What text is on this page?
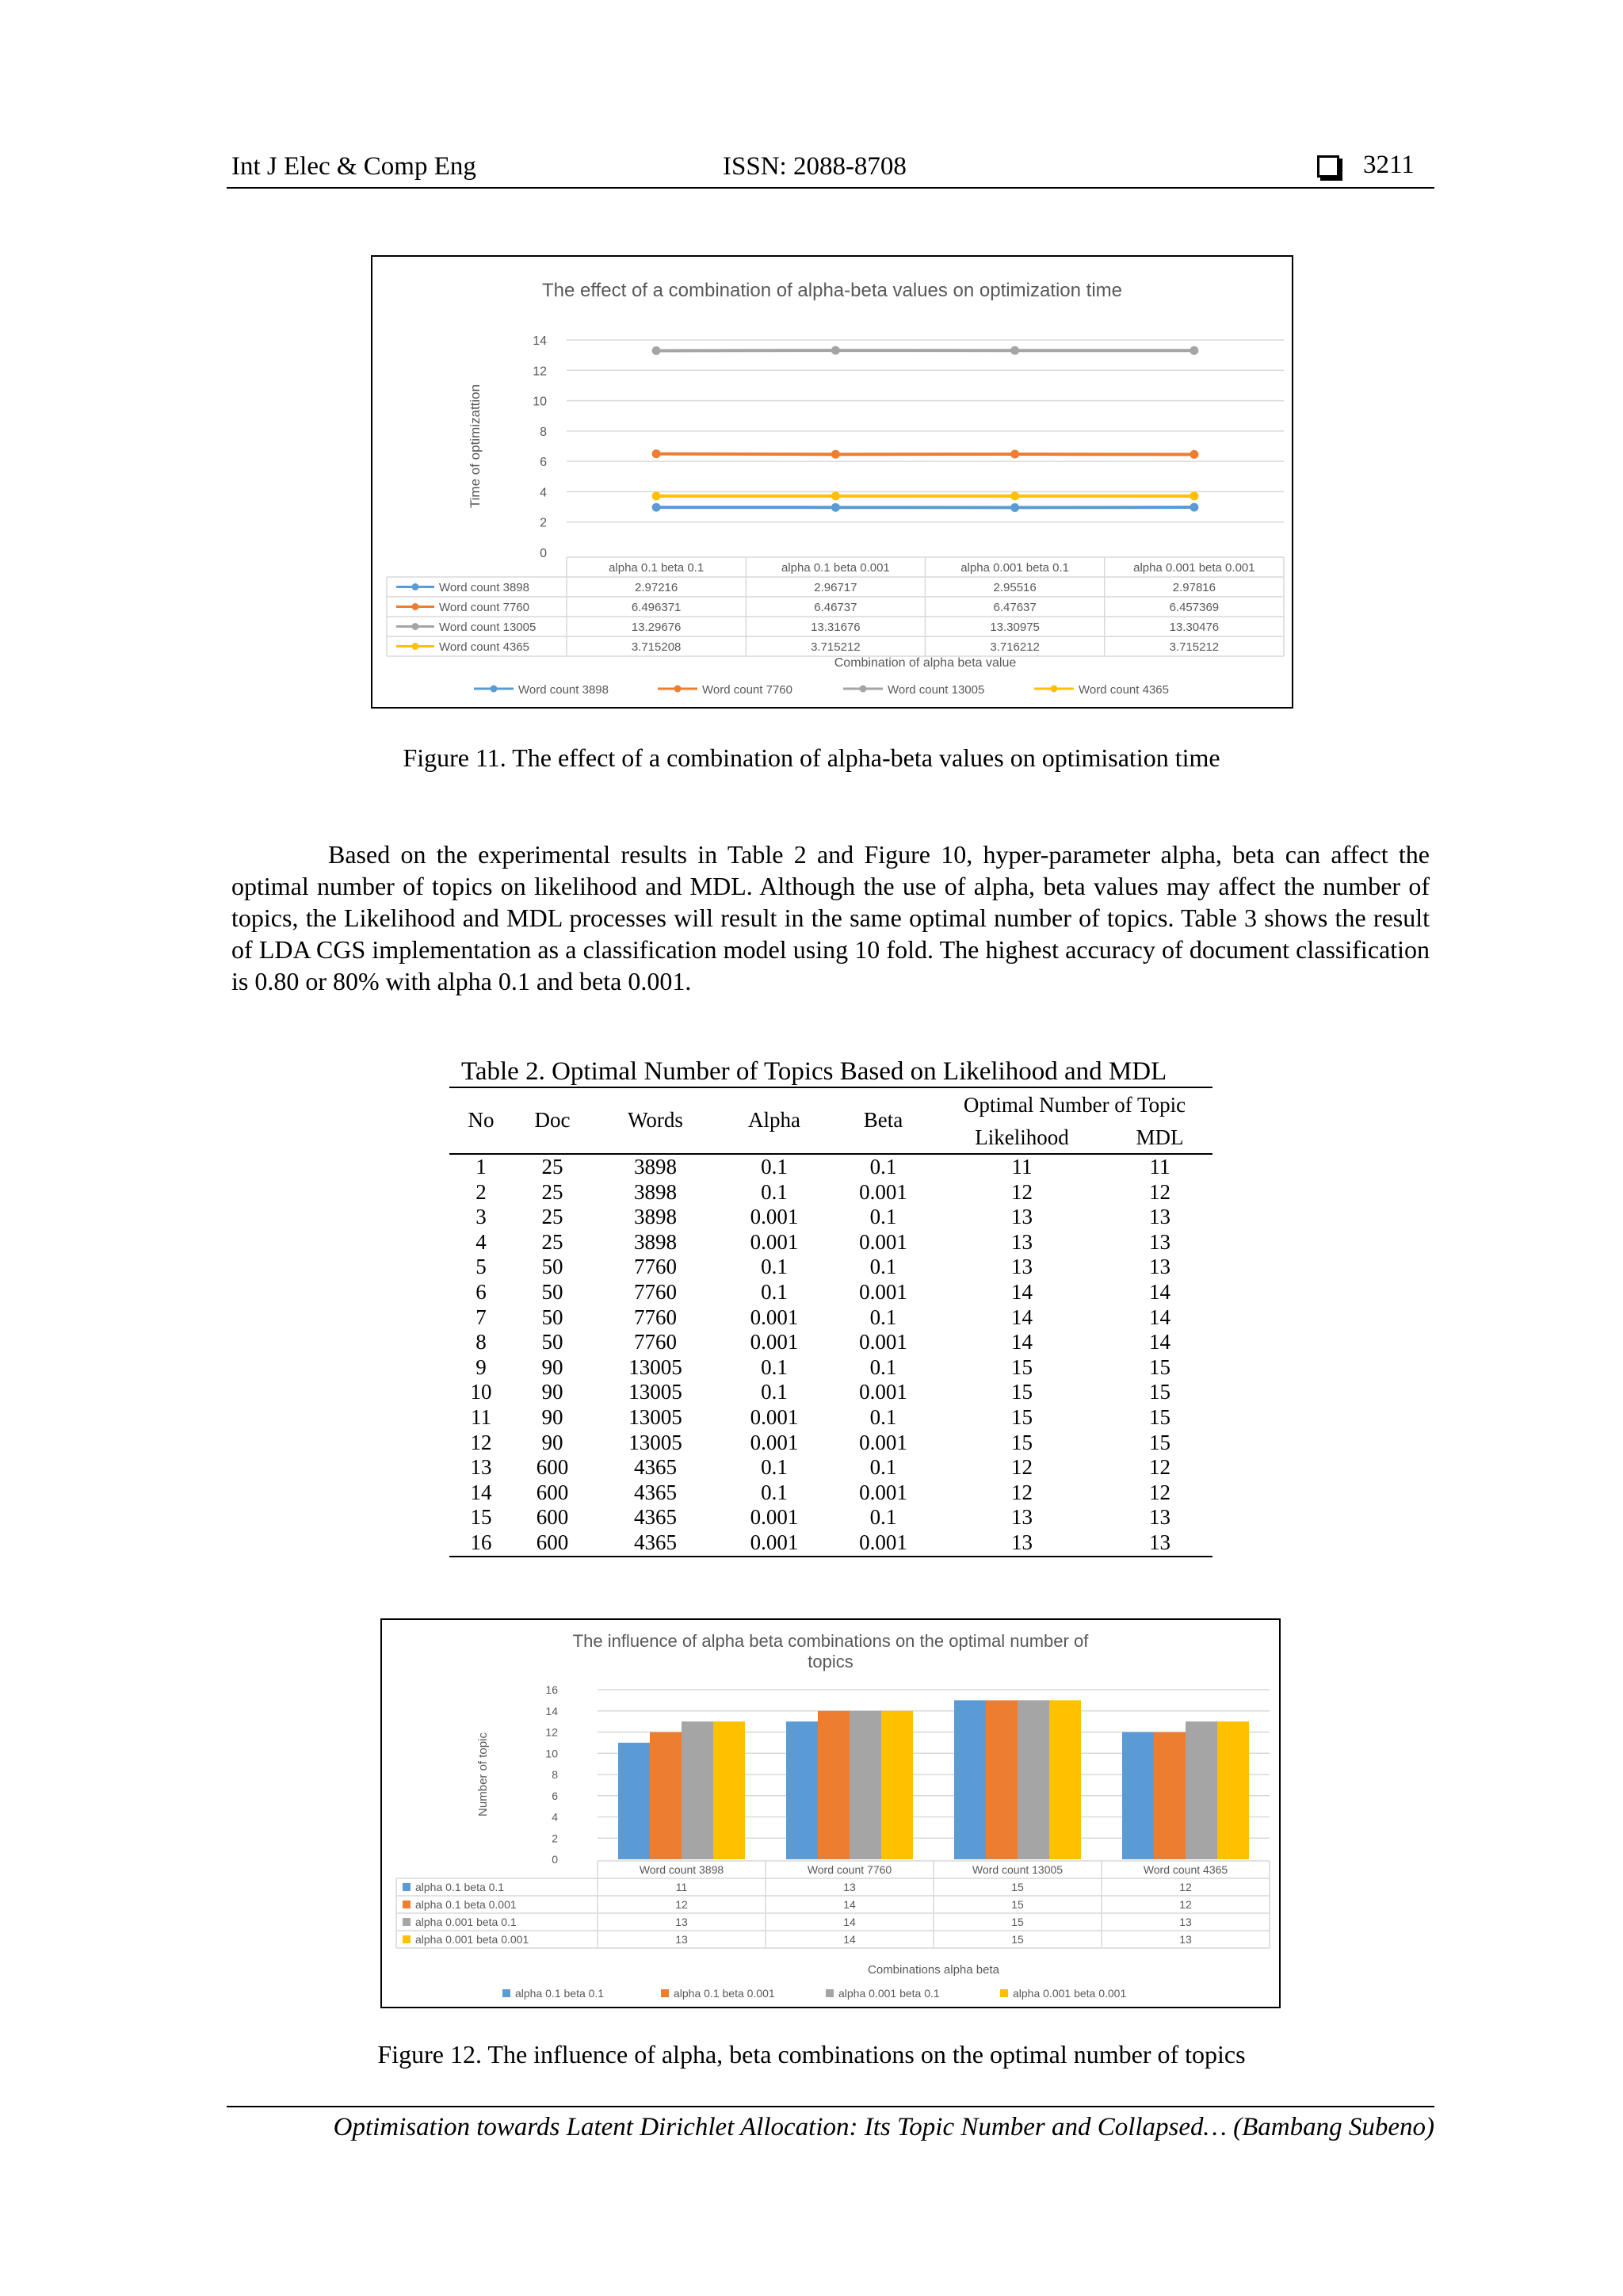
Int J Elec & Comp Eng	ISSN: 2088-8708	3211
The effect of a combination of alpha-beta values on optimization time
0
2
4
6
8
10
12
14
Time of optimizattion
alpha 0.1 beta 0.1	alpha 0.1 beta 0.001	alpha 0.001 beta 0.1	alpha 0.001 beta 0.001
Word count 3898	2.97216	2.96717	2.95516	2.97816
Word count 7760	6.496371	6.46737	6.47637	6.457369
Word count 13005	13.29676	13.31676	13.30975	13.30476
Word count 4365	3.715208	3.715212	3.716212	3.715212
Combination of alpha beta value
Word count 3898	Word count 7760	Word count 13005	Word count 4365
Figure 11. The effect of a combination of alpha-beta values on optimisation time

Based on the experimental results in Table 2 and Figure 10, hyper-parameter alpha, beta can affect the optimal number of topics on likelihood and MDL. Although the use of alpha, beta values may affect the number of topics, the Likelihood and MDL processes will result in the same optimal number of topics. Table 3 shows the result of LDA CGS implementation as a classification model using 10 fold. The highest accuracy of document classification is 0.80 or 80% with alpha 0.1 and beta 0.001.

Table 2. Optimal Number of Topics Based on Likelihood and MDL
No	Doc	Words	Alpha	Beta	Optimal Number of Topic	
					Likelihood	MDL
1	25	3898	0.1	0.1	11	11
2	25	3898	0.1	0.001	12	12
3	25	3898	0.001	0.1	13	13
4	25	3898	0.001	0.001	13	13
5	50	7760	0.1	0.1	13	13
6	50	7760	0.1	0.001	14	14
7	50	7760	0.001	0.1	14	14
8	50	7760	0.001	0.001	14	14
9	90	13005	0.1	0.1	15	15
10	90	13005	0.1	0.001	15	15
11	90	13005	0.001	0.1	15	15
12	90	13005	0.001	0.001	15	15
13	600	4365	0.1	0.1	12	12
14	600	4365	0.1	0.001	12	12
15	600	4365	0.001	0.1	13	13
16	600	4365	0.001	0.001	13	13
The influence of alpha beta combinations on the optimal number of topics
0
2
4
6
8
10
12
14
16
Number of topic
Word count 3898	Word count 7760	Word count 13005	Word count 4365
alpha 0.1 beta 0.1	11	13	15	12
alpha 0.1 beta 0.001	12	14	15	12
alpha 0.001 beta 0.1	13	14	15	13
alpha 0.001 beta 0.001	13	14	15	13
Combinations alpha beta
alpha 0.1 beta 0.1	alpha 0.1 beta 0.001	alpha 0.001 beta 0.1	alpha 0.001 beta 0.001
Figure 12. The influence of alpha, beta combinations on the optimal number of topics
Optimisation towards Latent Dirichlet Allocation: Its Topic Number and Collapsed… (Bambang Subeno)
